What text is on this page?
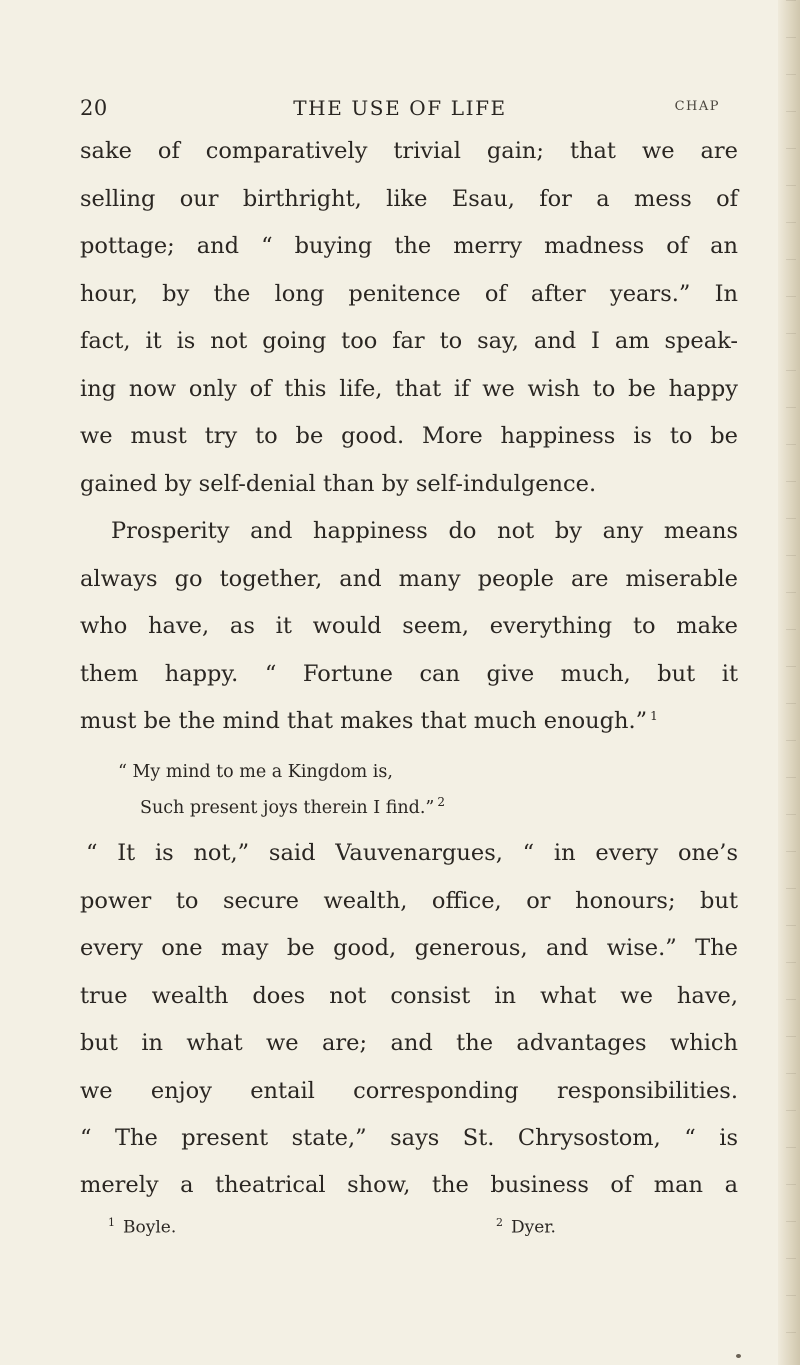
20	THE USE OF LIFE	CHAP
sake of comparatively trivial gain; that we are
selling our birthright, like Esau, for a mess of
pottage; and “ buying the merry madness of an
hour, by the long penitence of after years.” In
fact, it is not going too far to say, and I am speak-
ing now only of this life, that if we wish to be happy
we must try to be good. More happiness is to be
gained by self-denial than by self-indulgence.
Prosperity and happiness do not by any means
always go together, and many people are miserable
who have, as it would seem, everything to make
them happy. “ Fortune can give much, but it
must be the mind that makes that much enough.” $^1$
“ My mind to me a Kingdom is,
Such present joys therein I find.” $^2$
“ It is not,” said Vauvenargues, “ in every one’s
power to secure wealth, office, or honours; but
every one may be good, generous, and wise.” The
true wealth does not consist in what we have,
but in what we are; and the advantages which
we enjoy entail corresponding responsibilities.
“ The present state,” says St. Chrysostom, “ is
merely a theatrical show, the business of man a
$^1$ Boyle.	$^2$ Dyer.
